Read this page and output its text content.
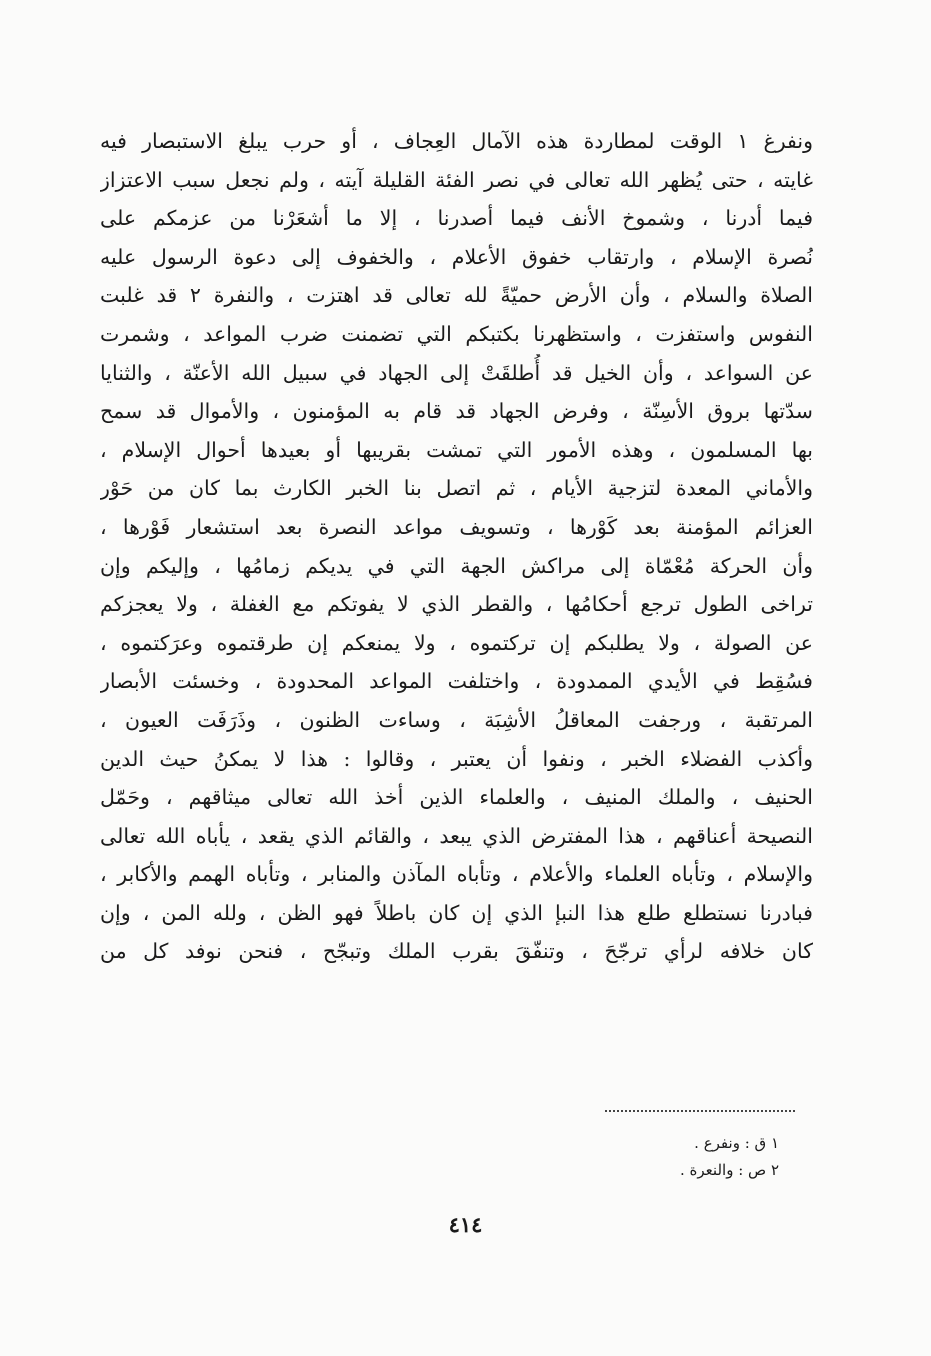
ونفرغ ١ الوقت لمطاردة هذه الآمال العِجاف ، أو حرب يبلغ الاستبصار فيه
غايته ، حتى يُظهر الله تعالى في نصر الفئة القليلة آيته ، ولم نجعل سبب الاعتزاز
فيما أدرنا ، وشموخ الأنف فيما أصدرنا ، إلا ما أشعَرْنا من عزمكم على
نُصرة الإسلام ، وارتقاب خفوق الأعلام ، والخفوف إلى دعوة الرسول عليه
الصلاة والسلام ، وأن الأرض حميّةً لله تعالى قد اهتزت ، والنفرة ٢ قد غلبت
النفوس واستفزت ، واستظهرنا بكتبكم التي تضمنت ضرب المواعد ، وشمرت
عن السواعد ، وأن الخيل قد أُطلقَتْ إلى الجهاد في سبيل الله الأعنّة ، والثنايا
سدّتها بروق الأسِنّة ، وفرض الجهاد قد قام به المؤمنون ، والأموال قد سمح
بها المسلمون ، وهذه الأمور التي تمشت بقريبها أو بعيدها أحوال الإسلام ،
والأماني المعدة لتزجية الأيام ، ثم اتصل بنا الخبر الكارث بما كان من حَوْر
العزائم المؤمنة بعد كَوْرها ، وتسويف مواعد النصرة بعد استشعار فَوْرها ،
وأن الحركة مُعْمّاة إلى مراكش الجهة التي في يديكم زمامُها ، وإليكم وإن
تراخى الطول ترجع أحكامُها ، والقطر الذي لا يفوتكم مع الغفلة ، ولا يعجزكم
عن الصولة ، ولا يطلبكم إن تركتموه ، ولا يمنعكم إن طرقتموه وعرَكتموه ،
فسُقِط في الأيدي الممدودة ، واختلفت المواعد المحدودة ، وخسئت الأبصار
المرتقبة ، ورجفت المعاقلُ الأشِبَة ، وساءت الظنون ، وذَرَفَت العيون ،
وأكذب الفضلاء الخبر ، ونفوا أن يعتبر ، وقالوا : هذا لا يمكنُ حيث الدين
الحنيف ، والملك المنيف ، والعلماء الذين أخذ الله تعالى ميثاقهم ، وحَمّل
النصيحة أعناقهم ، هذا المفترض الذي يبعد ، والقائم الذي يقعد ، يأباه الله تعالى
والإسلام ، وتأباه العلماء والأعلام ، وتأباه المآذن والمنابر ، وتأباه الهمم والأكابر ،
فبادرنا نستطلع طلع هذا النبإ الذي إن كان باطلاً فهو الظن ، ولله المن ، وإن
كان خلافه لرأي ترجّحَ ، وتنفّقَ بقرب الملك وتبجّح ، فنحن نوفد كل من
١ ق : ونفرع .
٢ ص : والنعرة .
٤١٤
